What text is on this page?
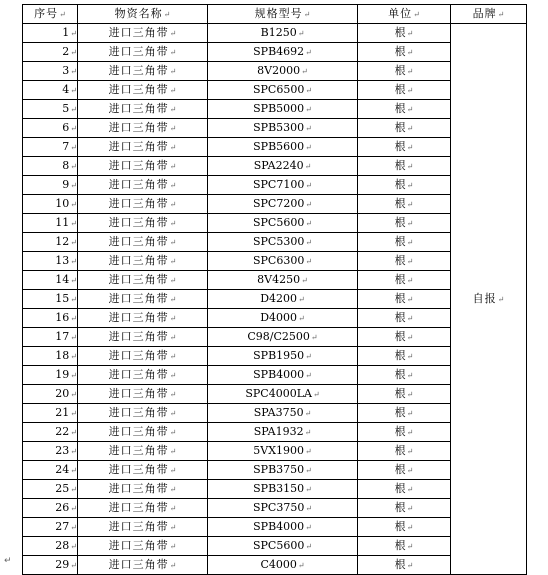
序号↵	物资名称↵	规格型号↵	单位↵	品牌↵
1↵	进口三角带↵	B1250↵	根↵	自报↵
2↵	进口三角带↵	SPB4692↵	根↵	
3↵	进口三角带↵	8V2000↵	根↵	
4↵	进口三角带↵	SPC6500↵	根↵	
5↵	进口三角带↵	SPB5000↵	根↵	
6↵	进口三角带↵	SPB5300↵	根↵	
7↵	进口三角带↵	SPB5600↵	根↵	
8↵	进口三角带↵	SPA2240↵	根↵	
9↵	进口三角带↵	SPC7100↵	根↵	
10↵	进口三角带↵	SPC7200↵	根↵	
11↵	进口三角带↵	SPC5600↵	根↵	
12↵	进口三角带↵	SPC5300↵	根↵	
13↵	进口三角带↵	SPC6300↵	根↵	
14↵	进口三角带↵	8V4250↵	根↵	
15↵	进口三角带↵	D4200↵	根↵	
16↵	进口三角带↵	D4000↵	根↵	
17↵	进口三角带↵	C98/C2500↵	根↵	
18↵	进口三角带↵	SPB1950↵	根↵	
19↵	进口三角带↵	SPB4000↵	根↵	
20↵	进口三角带↵	SPC4000LA↵	根↵	
21↵	进口三角带↵	SPA3750↵	根↵	
22↵	进口三角带↵	SPA1932↵	根↵	
23↵	进口三角带↵	5VX1900↵	根↵	
24↵	进口三角带↵	SPB3750↵	根↵	
25↵	进口三角带↵	SPB3150↵	根↵	
26↵	进口三角带↵	SPC3750↵	根↵	
27↵	进口三角带↵	SPB4000↵	根↵	
28↵	进口三角带↵	SPC5600↵	根↵	
29↵	进口三角带↵	C4000↵	根↵	
↵
